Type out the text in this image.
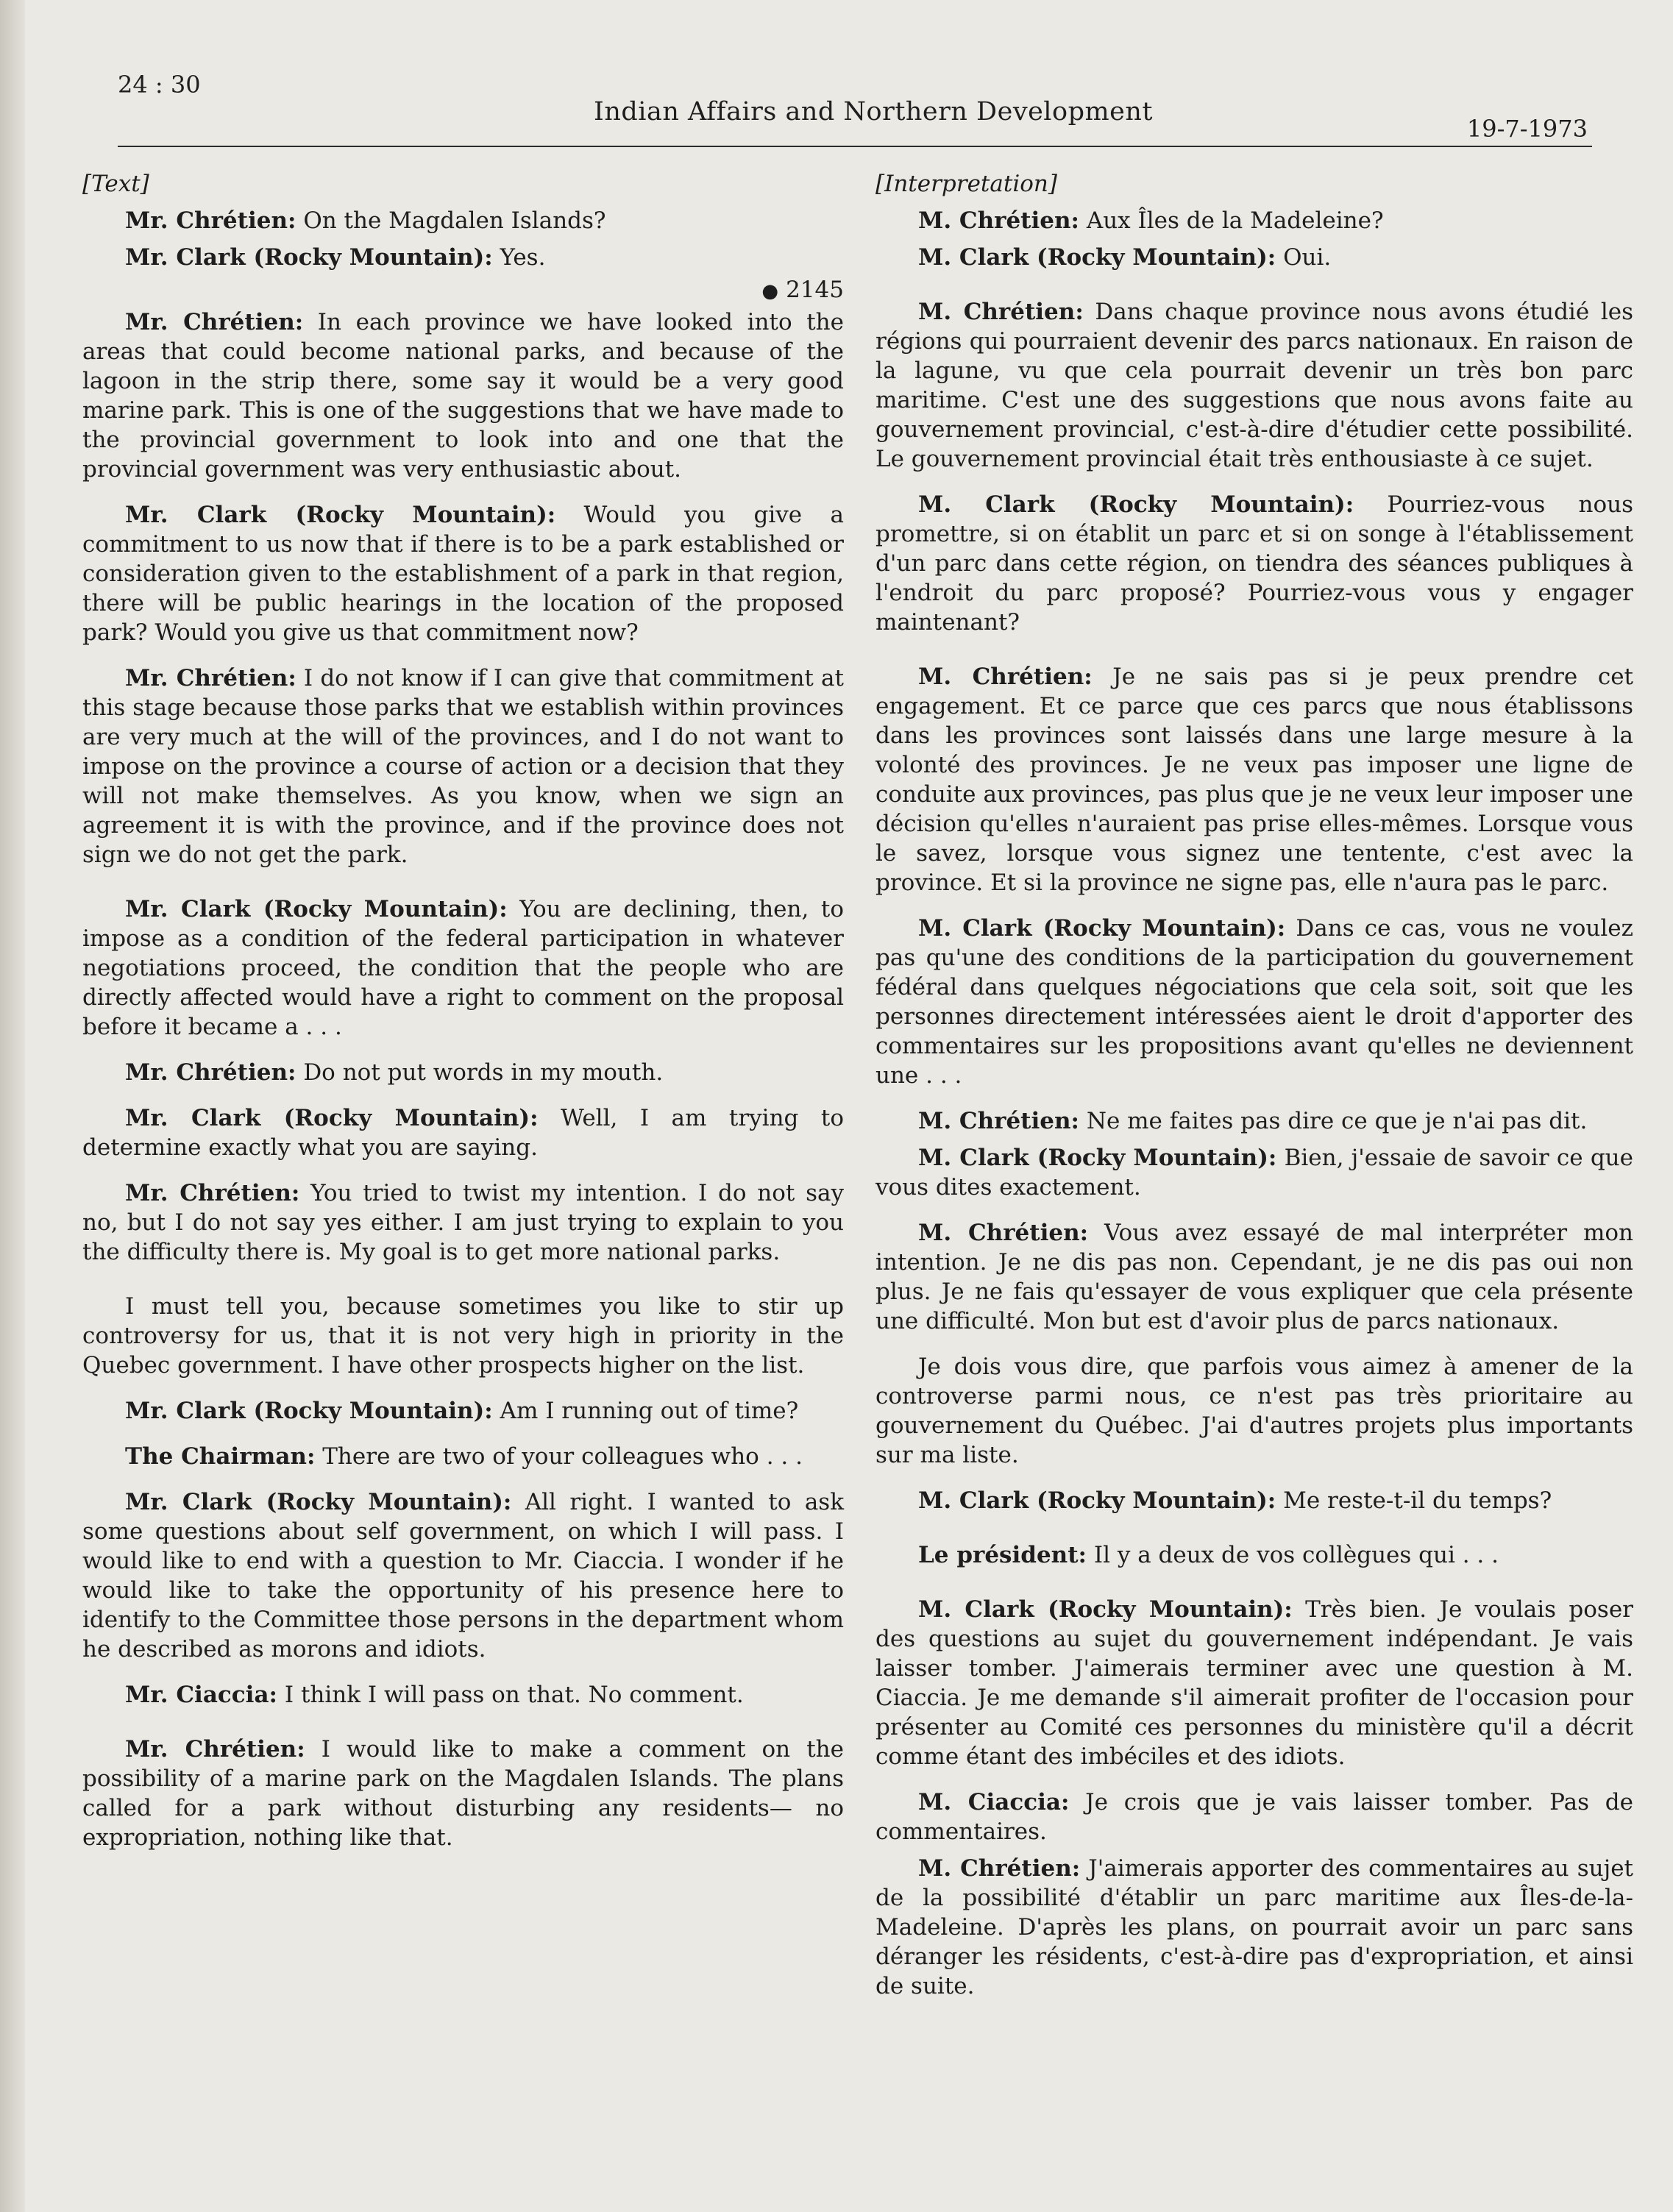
24 : 30
Indian Affairs and Northern Development
19-7-1973

[Text]

Mr. Chrétien: On the Magdalen Islands?

Mr. Clark (Rocky Mountain): Yes.

● 2145

Mr. Chrétien: In each province we have looked into the areas that could become national parks, and because of the lagoon in the strip there, some say it would be a very good marine park. This is one of the suggestions that we have made to the provincial government to look into and one that the provincial government was very enthusiastic about.

Mr. Clark (Rocky Mountain): Would you give a commitment to us now that if there is to be a park established or consideration given to the establishment of a park in that region, there will be public hearings in the location of the proposed park? Would you give us that commitment now?

Mr. Chrétien: I do not know if I can give that commitment at this stage because those parks that we establish within provinces are very much at the will of the provinces, and I do not want to impose on the province a course of action or a decision that they will not make themselves. As you know, when we sign an agreement it is with the province, and if the province does not sign we do not get the park.

Mr. Clark (Rocky Mountain): You are declining, then, to impose as a condition of the federal participation in whatever negotiations proceed, the condition that the people who are directly affected would have a right to comment on the proposal before it became a . . .

Mr. Chrétien: Do not put words in my mouth.

Mr. Clark (Rocky Mountain): Well, I am trying to determine exactly what you are saying.

Mr. Chrétien: You tried to twist my intention. I do not say no, but I do not say yes either. I am just trying to explain to you the difficulty there is. My goal is to get more national parks.

I must tell you, because sometimes you like to stir up controversy for us, that it is not very high in priority in the Quebec government. I have other prospects higher on the list.

Mr. Clark (Rocky Mountain): Am I running out of time?

The Chairman: There are two of your colleagues who . . .

Mr. Clark (Rocky Mountain): All right. I wanted to ask some questions about self government, on which I will pass. I would like to end with a question to Mr. Ciaccia. I wonder if he would like to take the opportunity of his presence here to identify to the Committee those persons in the department whom he described as morons and idiots.

Mr. Ciaccia: I think I will pass on that. No comment.

Mr. Chrétien: I would like to make a comment on the possibility of a marine park on the Magdalen Islands. The plans called for a park without disturbing any residents— no expropriation, nothing like that.

[Interpretation]

M. Chrétien: Aux Îles de la Madeleine?

M. Clark (Rocky Mountain): Oui.

M. Chrétien: Dans chaque province nous avons étudié les régions qui pourraient devenir des parcs nationaux. En raison de la lagune, vu que cela pourrait devenir un très bon parc maritime. C'est une des suggestions que nous avons faite au gouvernement provincial, c'est-à-dire d'étudier cette possibilité. Le gouvernement provincial était très enthousiaste à ce sujet.

M. Clark (Rocky Mountain): Pourriez-vous nous promettre, si on établit un parc et si on songe à l'établissement d'un parc dans cette région, on tiendra des séances publiques à l'endroit du parc proposé? Pourriez-vous vous y engager maintenant?

M. Chrétien: Je ne sais pas si je peux prendre cet engagement. Et ce parce que ces parcs que nous établissons dans les provinces sont laissés dans une large mesure à la volonté des provinces. Je ne veux pas imposer une ligne de conduite aux provinces, pas plus que je ne veux leur imposer une décision qu'elles n'auraient pas prise elles-mêmes. Lorsque vous le savez, lorsque vous signez une tentente, c'est avec la province. Et si la province ne signe pas, elle n'aura pas le parc.

M. Clark (Rocky Mountain): Dans ce cas, vous ne voulez pas qu'une des conditions de la participation du gouvernement fédéral dans quelques négociations que cela soit, soit que les personnes directement intéressées aient le droit d'apporter des commentaires sur les propositions avant qu'elles ne deviennent une . . .

M. Chrétien: Ne me faites pas dire ce que je n'ai pas dit.

M. Clark (Rocky Mountain): Bien, j'essaie de savoir ce que vous dites exactement.

M. Chrétien: Vous avez essayé de mal interpréter mon intention. Je ne dis pas non. Cependant, je ne dis pas oui non plus. Je ne fais qu'essayer de vous expliquer que cela présente une difficulté. Mon but est d'avoir plus de parcs nationaux.

Je dois vous dire, que parfois vous aimez à amener de la controverse parmi nous, ce n'est pas très prioritaire au gouvernement du Québec. J'ai d'autres projets plus importants sur ma liste.

M. Clark (Rocky Mountain): Me reste-t-il du temps?

Le président: Il y a deux de vos collègues qui . . .

M. Clark (Rocky Mountain): Très bien. Je voulais poser des questions au sujet du gouvernement indépendant. Je vais laisser tomber. J'aimerais terminer avec une question à M. Ciaccia. Je me demande s'il aimerait profiter de l'occasion pour présenter au Comité ces personnes du ministère qu'il a décrit comme étant des imbéciles et des idiots.

M. Ciaccia: Je crois que je vais laisser tomber. Pas de commentaires.

M. Chrétien: J'aimerais apporter des commentaires au sujet de la possibilité d'établir un parc maritime aux Îles-de-la-Madeleine. D'après les plans, on pourrait avoir un parc sans déranger les résidents, c'est-à-dire pas d'expropriation, et ainsi de suite.
